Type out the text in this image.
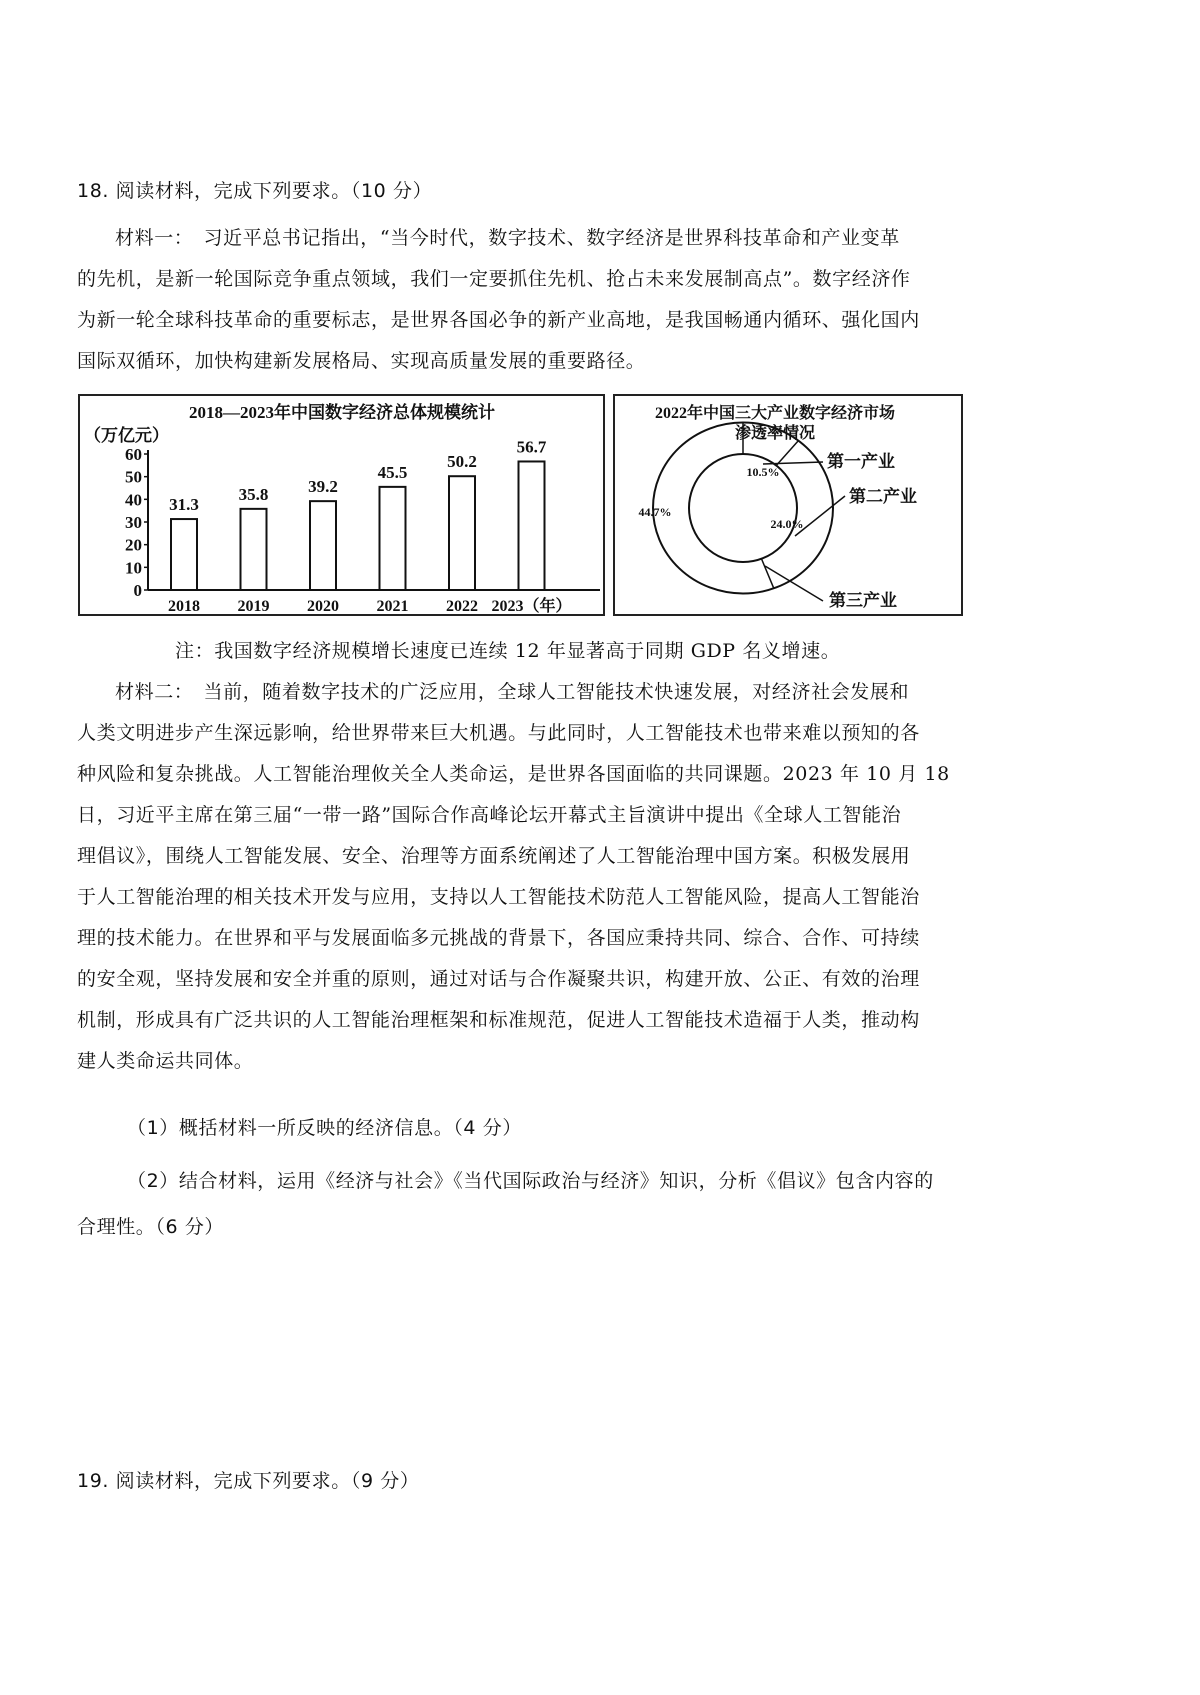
18. 阅读材料，完成下列要求。（10 分）
材料一：　习近平总书记指出，“当今时代，数字技术、数字经济是世界科技革命和产业变革
的先机，是新一轮国际竞争重点领域，我们一定要抓住先机、抢占未来发展制高点”。数字经济作
为新一轮全球科技革命的重要标志，是世界各国必争的新产业高地，是我国畅通内循环、强化国内
国际双循环，加快构建新发展格局、实现高质量发展的重要路径。
2018—2023年中国数字经济总体规模统计
（万亿元）
0
10
20
30
40
50
60
31.3
2018
35.8
2019
39.2
2020
45.5
2021
50.2
2022
56.7
2023（年）
2022年中国三大产业数字经济市场
渗透率情况
10.5%
24.0%
44.7%
第一产业
第二产业
第三产业
注：我国数字经济规模增长速度已连续 12 年显著高于同期 GDP 名义增速。
材料二：　当前，随着数字技术的广泛应用，全球人工智能技术快速发展，对经济社会发展和
人类文明进步产生深远影响，给世界带来巨大机遇。与此同时，人工智能技术也带来难以预知的各
种风险和复杂挑战。人工智能治理攸关全人类命运，是世界各国面临的共同课题。2023 年 10 月 18
日，习近平主席在第三届“一带一路”国际合作高峰论坛开幕式主旨演讲中提出《全球人工智能治
理倡议》，围绕人工智能发展、安全、治理等方面系统阐述了人工智能治理中国方案。积极发展用
于人工智能治理的相关技术开发与应用，支持以人工智能技术防范人工智能风险，提高人工智能治
理的技术能力。在世界和平与发展面临多元挑战的背景下，各国应秉持共同、综合、合作、可持续
的安全观，坚持发展和安全并重的原则，通过对话与合作凝聚共识，构建开放、公正、有效的治理
机制，形成具有广泛共识的人工智能治理框架和标准规范，促进人工智能技术造福于人类，推动构
建人类命运共同体。
（1）概括材料一所反映的经济信息。（4 分）
（2）结合材料，运用《经济与社会》《当代国际政治与经济》知识，分析《倡议》包含内容的
合理性。（6 分）
19. 阅读材料，完成下列要求。（9 分）
